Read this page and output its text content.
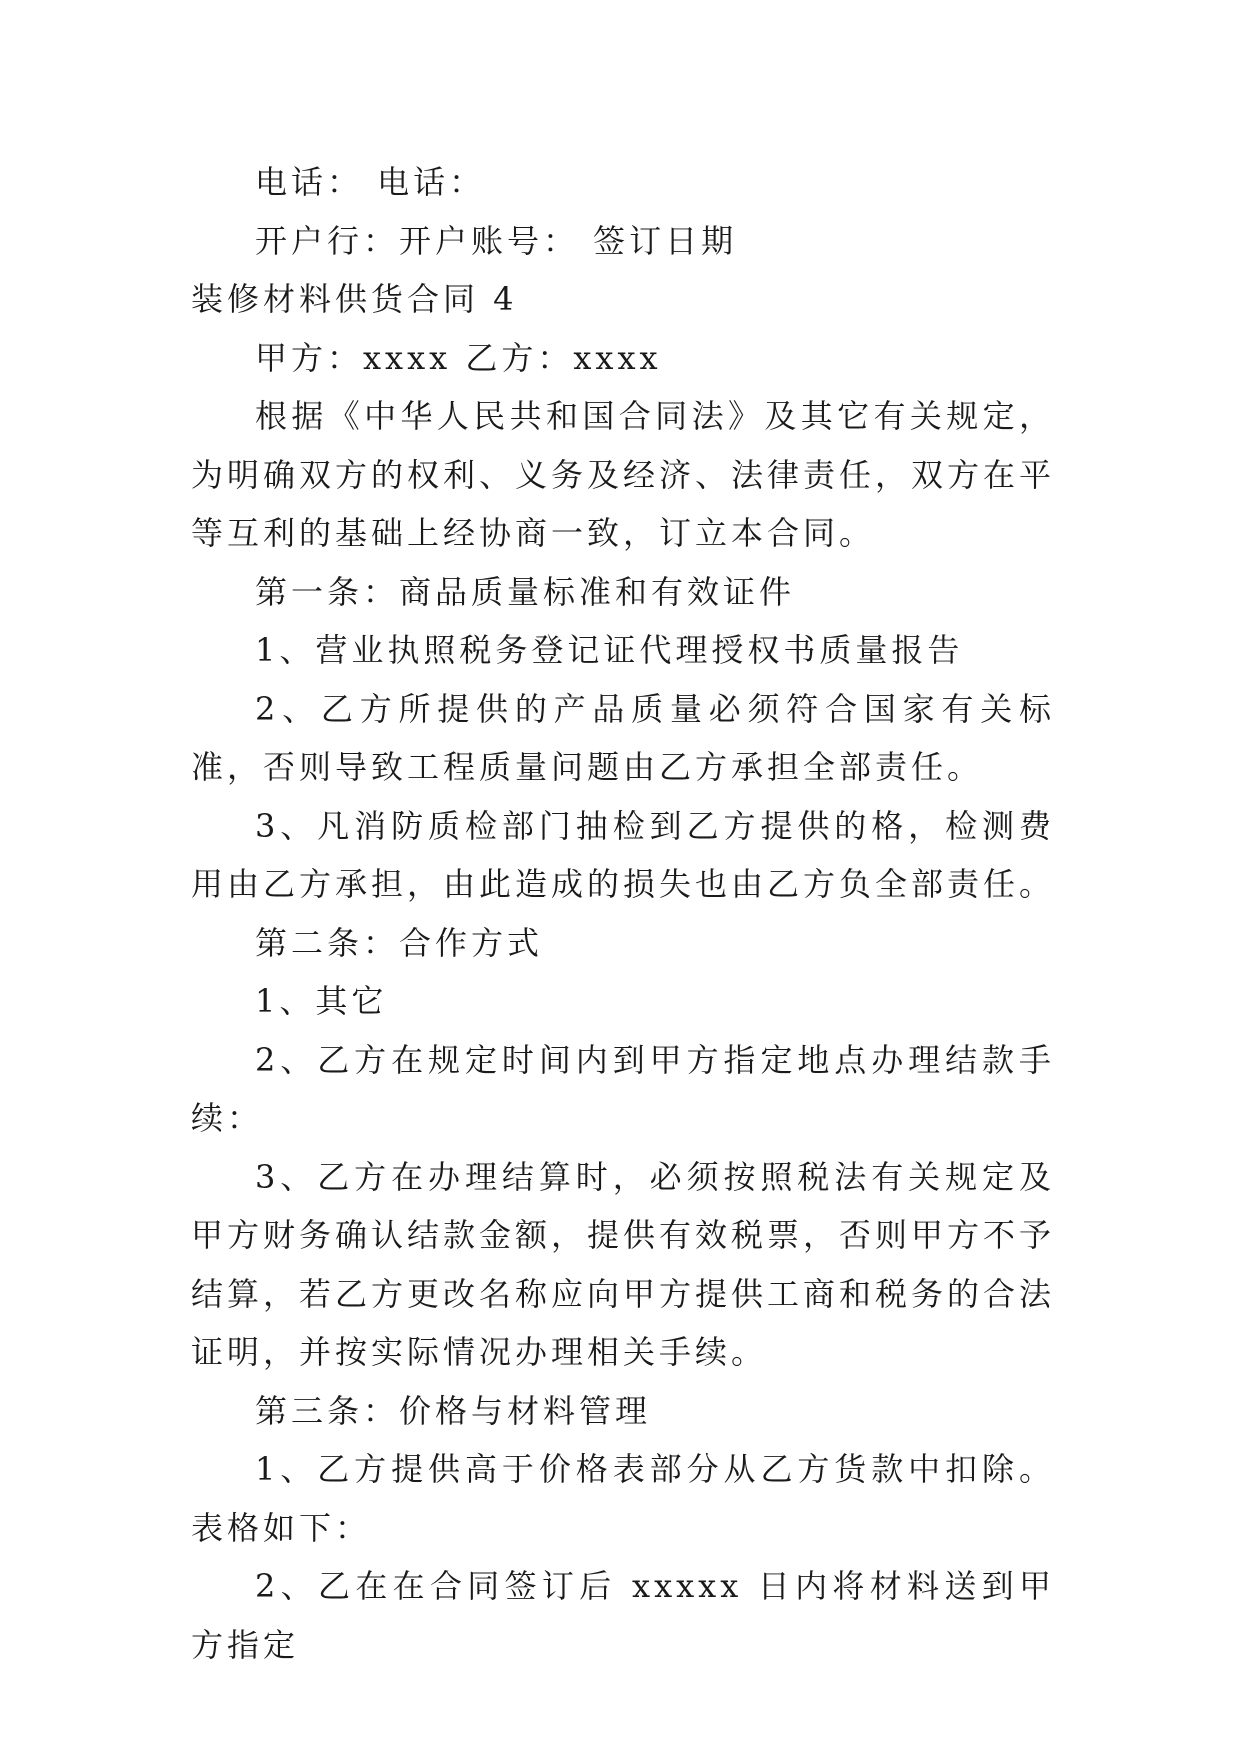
电话： 电话：

开户行：开户账号： 签订日期

装修材料供货合同 4

甲方：xxxx 乙方：xxxx

根据《中华人民共和国合同法》及其它有关规定，为明确双方的权利、义务及经济、法律责任，双方在平等互利的基础上经协商一致，订立本合同。

第一条：商品质量标准和有效证件

1、营业执照税务登记证代理授权书质量报告

2、乙方所提供的产品质量必须符合国家有关标准，否则导致工程质量问题由乙方承担全部责任。

3、凡消防质检部门抽检到乙方提供的格，检测费用由乙方承担，由此造成的损失也由乙方负全部责任。

第二条：合作方式

1、其它

2、乙方在规定时间内到甲方指定地点办理结款手续：

3、乙方在办理结算时，必须按照税法有关规定及甲方财务确认结款金额，提供有效税票，否则甲方不予结算，若乙方更改名称应向甲方提供工商和税务的合法证明，并按实际情况办理相关手续。

第三条：价格与材料管理

1、乙方提供高于价格表部分从乙方货款中扣除。表格如下：

2、乙在在合同签订后 xxxxx 日内将材料送到甲方指定
